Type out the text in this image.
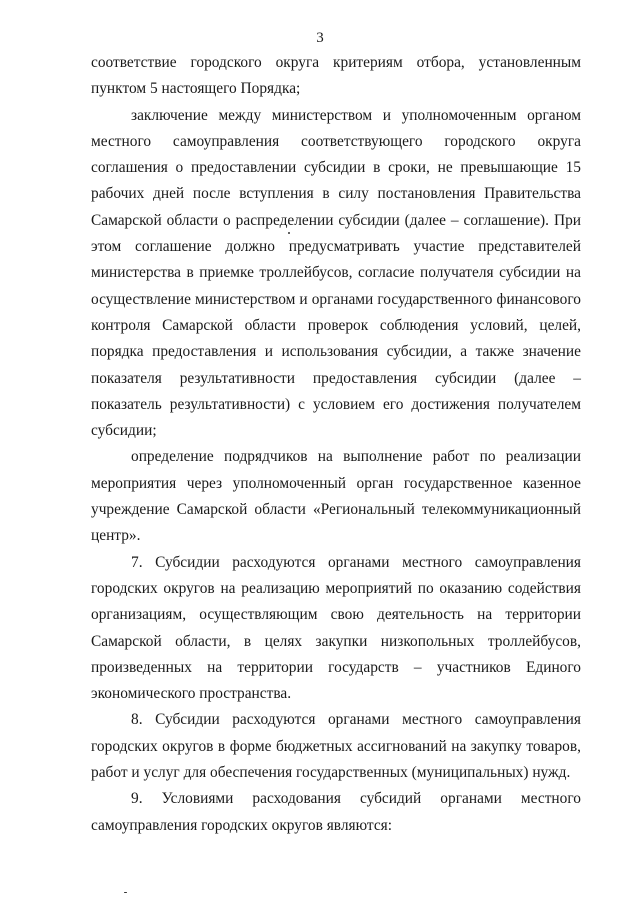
3

соответствие городского округа критериям отбора, установленным пунктом 5 настоящего Порядка;

заключение между министерством и уполномоченным органом местного самоуправления соответствующего городского округа соглашения о предоставлении субсидии в сроки, не превышающие 15 рабочих дней после вступления в силу постановления Правительства Самарской области о распределении субсидии (далее – соглашение). При этом соглашение должно предусматривать участие представителей министерства в приемке троллейбусов, согласие получателя субсидии на осуществление министерством и органами государственного финансового контроля Самарской области проверок соблюдения условий, целей, порядка предоставления и использования субсидии, а также значение показателя результативности предоставления субсидии (далее – показатель результативности) с условием его достижения получателем субсидии;

определение подрядчиков на выполнение работ по реализации мероприятия через уполномоченный орган государственное казенное учреждение Самарской области «Региональный телекоммуникационный центр».

7. Субсидии расходуются органами местного самоуправления городских округов на реализацию мероприятий по оказанию содействия организациям, осуществляющим свою деятельность на территории Самарской области, в целях закупки низкопольных троллейбусов, произведенных на территории государств – участников Единого экономического пространства.

8. Субсидии расходуются органами местного самоуправления городских округов в форме бюджетных ассигнований на закупку товаров, работ и услуг для обеспечения государственных (муниципальных) нужд.

9. Условиями расходования субсидий органами местного самоуправления городских округов являются:
